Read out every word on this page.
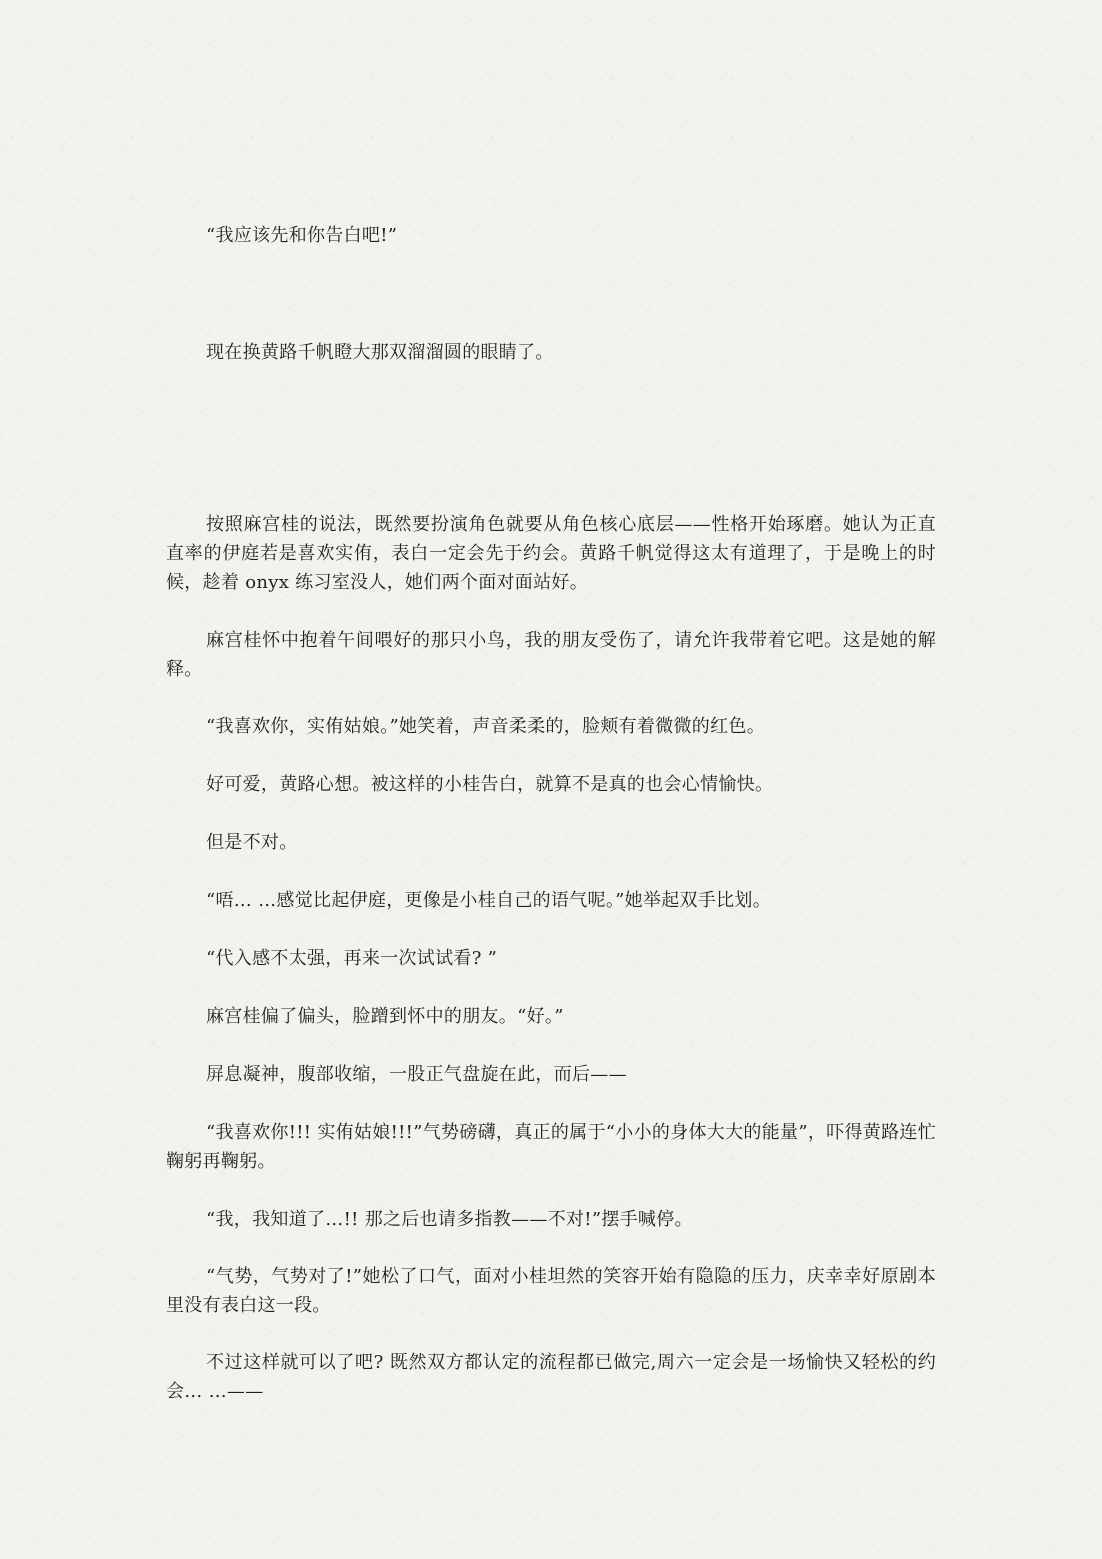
“我应该先和你告白吧!”

现在换黄路千帆瞪大那双溜溜圆的眼睛了。

按照麻宫桂的说法，既然要扮演角色就要从角色核心底层——性格开始琢磨。她认为正直直率的伊庭若是喜欢实侑，表白一定会先于约会。黄路千帆觉得这太有道理了，于是晚上的时候，趁着 onyx 练习室没人，她们两个面对面站好。

麻宫桂怀中抱着午间喂好的那只小鸟，我的朋友受伤了，请允许我带着它吧。这是她的解释。

“我喜欢你，实侑姑娘。”她笑着，声音柔柔的，脸颊有着微微的红色。

好可爱，黄路心想。被这样的小桂告白，就算不是真的也会心情愉快。

但是不对。

“唔… …感觉比起伊庭，更像是小桂自己的语气呢。”她举起双手比划。

“代入感不太强，再来一次试试看? ”

麻宫桂偏了偏头，脸蹭到怀中的朋友。“好。”

屏息凝神，腹部收缩，一股正气盘旋在此，而后——

“我喜欢你!!! 实侑姑娘!!!”气势磅礴，真正的属于“小小的身体大大的能量”，吓得黄路连忙鞠躬再鞠躬。

“我，我知道了…!! 那之后也请多指教——不对!”摆手喊停。

“气势，气势对了!”她松了口气，面对小桂坦然的笑容开始有隐隐的压力，庆幸幸好原剧本里没有表白这一段。

不过这样就可以了吧? 既然双方都认定的流程都已做完,周六一定会是一场愉快又轻松的约会… …——
